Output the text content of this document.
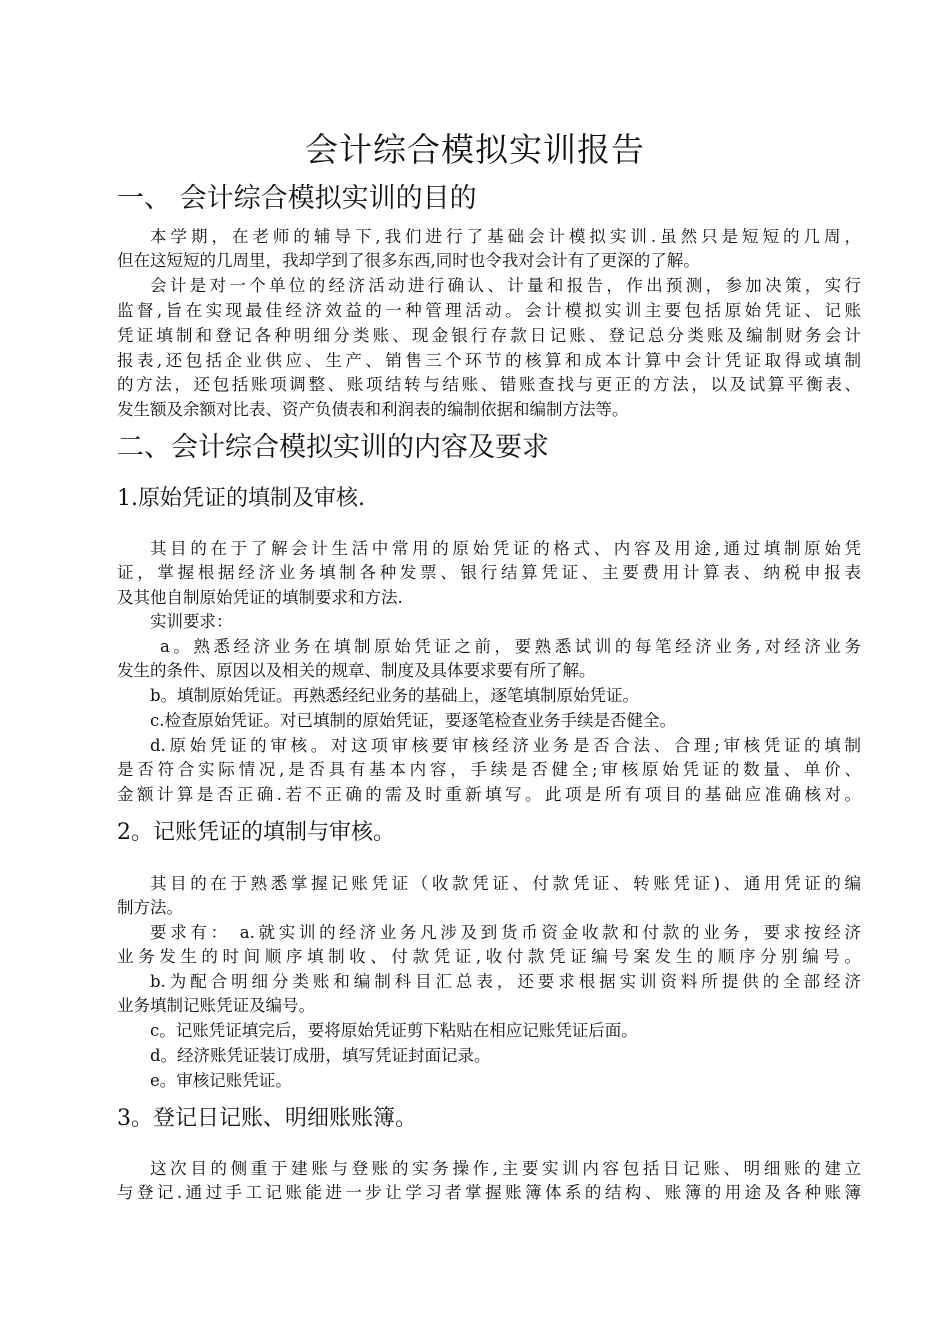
会计综合模拟实训报告
一、 会计综合模拟实训的目的

本学期，在老师的辅导下,我们进行了基础会计模拟实训.虽然只是短短的几周，

但在这短短的几周里，我却学到了很多东西,同时也令我对会计有了更深的了解。

会计是对一个单位的经济活动进行确认、计量和报告，作出预测，参加决策，实行

监督,旨在实现最佳经济效益的一种管理活动。会计模拟实训主要包括原始凭证、记账

凭证填制和登记各种明细分类账、现金银行存款日记账、登记总分类账及编制财务会计

报表,还包括企业供应、生产、销售三个环节的核算和成本计算中会计凭证取得或填制

的方法，还包括账项调整、账项结转与结账、错账查找与更正的方法，以及试算平衡表、

发生额及余额对比表、资产负债表和利润表的编制依据和编制方法等。

二、会计综合模拟实训的内容及要求
1.原始凭证的填制及审核.

其目的在于了解会计生活中常用的原始凭证的格式、内容及用途,通过填制原始凭

证，掌握根据经济业务填制各种发票、银行结算凭证、主要费用计算表、纳税申报表

及其他自制原始凭证的填制要求和方法.

实训要求：

a。熟悉经济业务在填制原始凭证之前，要熟悉试训的每笔经济业务,对经济业务

发生的条件、原因以及相关的规章、制度及具体要求要有所了解。

b。填制原始凭证。再熟悉经纪业务的基础上，逐笔填制原始凭证。

c.检查原始凭证。对已填制的原始凭证，要逐笔检查业务手续是否健全。

d.原始凭证的审核。对这项审核要审核经济业务是否合法、合理;审核凭证的填制

是否符合实际情况,是否具有基本内容，手续是否健全;审核原始凭证的数量、单价、

金额计算是否正确.若不正确的需及时重新填写。此项是所有项目的基础应准确核对。

2。记账凭证的填制与审核。

其目的在于熟悉掌握记账凭证（收款凭证、付款凭证、转账凭证)、通用凭证的编

制方法。

要求有： a.就实训的经济业务凡涉及到货币资金收款和付款的业务，要求按经济

业务发生的时间顺序填制收、付款凭证,收付款凭证编号案发生的顺序分别编号。

b.为配合明细分类账和编制科目汇总表，还要求根据实训资料所提供的全部经济

业务填制记账凭证及编号。

c。记账凭证填完后，要将原始凭证剪下粘贴在相应记账凭证后面。

d。经济账凭证装订成册，填写凭证封面记录。

e。审核记账凭证。

3。登记日记账、明细账账簿。

这次目的侧重于建账与登账的实务操作,主要实训内容包括日记账、明细账的建立

与登记.通过手工记账能进一步让学习者掌握账簿体系的结构、账簿的用途及各种账簿
